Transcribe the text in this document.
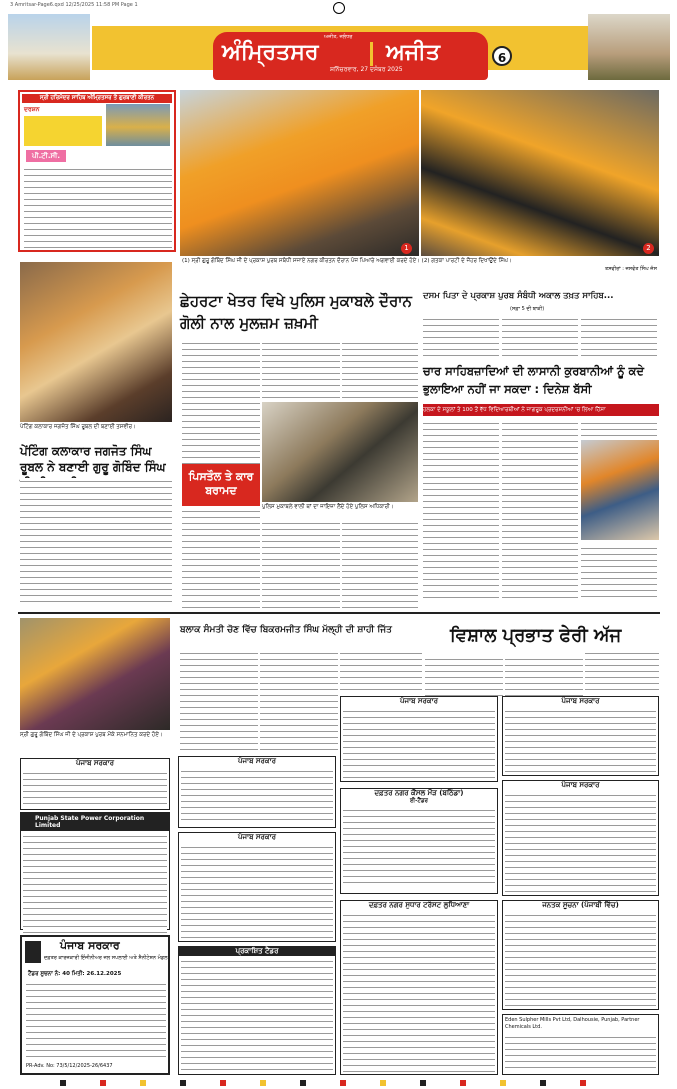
3 Amritsar-Page6.qxd 12/25/2025 11:58 PM Page 1
ਅਜੀਤ, ਜਲੰਧਰ
ਅੰਮ੍ਰਿਤਸਰ	ਅਜੀਤ
ਸ਼ਨਿੱਚਰਵਾਰ, 27 ਦਸੰਬਰ 2025
6
ਸ੍ਰੀ ਹਰਿਮੰਦਰ ਸਾਹਿਬ ਅੰਮ੍ਰਿਤਸਰ ਤੋਂ ਗੁਰਬਾਣੀ ਕੀਰਤਨ
ਦਰਸ਼ਨ
ਪੀ.ਟੀ.ਸੀ.
1	2
(1) ਸ੍ਰੀ ਗੁਰੂ ਗੋਬਿੰਦ ਸਿੰਘ ਜੀ ਦੇ ਪ੍ਰਕਾਸ਼ ਪੁਰਬ ਸਬੰਧੀ ਸਜਾਏ ਨਗਰ ਕੀਰਤਨ ਦੌਰਾਨ ਪੰਜ ਪਿਆਰੇ ਅਗਵਾਈ ਕਰਦੇ ਹੋਏ। (2) ਗਤਕਾ ਪਾਰਟੀ ਦੇ ਜੌਹਰ ਦਿਖਾਉਂਦੇ ਸਿੰਘ।
ਤਸਵੀਰਾਂ : ਜਸਵੰਤ ਸਿੰਘ ਜੱਸ
ਪੇਂਟਿੰਗ ਕਲਾਕਾਰ ਜਗਜੋਤ ਸਿੰਘ ਰੂਬਲ ਦੀ ਬਣਾਈ ਤਸਵੀਰ।
ਪੇਂਟਿੰਗ ਕਲਾਕਾਰ ਜਗਜੋਤ ਸਿੰਘ ਰੂਬਲ ਨੇ ਬਣਾਈ ਗੁਰੂ ਗੋਬਿੰਦ ਸਿੰਘ
ਛੇਹਰਟਾ ਖੇਤਰ ਵਿਖੇ ਪੁਲਿਸ ਮੁਕਾਬਲੇ ਦੌਰਾਨ ਗੋਲੀ ਨਾਲ ਮੁਲਜ਼ਮ ਜ਼ਖ਼ਮੀ
ਪਿਸਤੌਲ ਤੇ ਕਾਰ ਬਰਾਮਦ
ਪੁਲਿਸ ਮੁਕਾਬਲੇ ਵਾਲੀ ਥਾਂ ਦਾ ਜਾਇਜ਼ਾ ਲੈਂਦੇ ਹੋਏ ਪੁਲਿਸ ਅਧਿਕਾਰੀ।
ਦਸਮ ਪਿਤਾ ਦੇ ਪ੍ਰਕਾਸ਼ ਪੁਰਬ ਸੰਬੰਧੀ ਅਕਾਲ ਤਖ਼ਤ ਸਾਹਿਬ...
(ਸਫ਼ਾ 5 ਦੀ ਬਾਕੀ)
ਚਾਰ ਸਾਹਿਬਜ਼ਾਦਿਆਂ ਦੀ ਲਾਸਾਨੀ ਕੁਰਬਾਨੀਆਂ ਨੂੰ ਕਦੇ ਭੁਲਾਇਆ ਨਹੀਂ ਜਾ ਸਕਦਾ : ਦਿਨੇਸ਼ ਬੱਸੀ
ਹਲਕਾ ਦੇ ਸਕੂਲਾਂ ਤੇ 100 ਤੋਂ ਵੱਧ ਵਿਦਿਆਰਥੀਆਂ ਨੇ ਜਾਗਰੂਕ ਪ੍ਰਦਰਸ਼ਨੀਆਂ 'ਚ ਲਿਆ ਹਿੱਸਾ
ਸ੍ਰੀ ਗੁਰੂ ਗੋਬਿੰਦ ਸਿੰਘ ਜੀ ਦੇ ਪ੍ਰਕਾਸ਼ ਪੁਰਬ ਮੌਕੇ ਸਨਮਾਨਿਤ ਕਰਦੇ ਹੋਏ।
ਪੰਜਾਬ ਸਰਕਾਰ
Punjab State Power Corporation Limited
ਪੰਜਾਬ ਸਰਕਾਰ
ਦਫ਼ਤਰ ਕਾਰਜਕਾਰੀ ਇੰਜੀਨੀਅਰ ਜਲ ਸਪਲਾਈ ਅਤੇ ਸੈਨੀਟੇਸ਼ਨ ਮੰਡਲ
ਟੈਂਡਰ ਸੂਚਨਾ ਨੰ: 40 ਮਿਤੀ: 26.12.2025
PR-Adv. No: 73/5/12/2025-26/6437
ਬਲਾਕ ਸੰਮਤੀ ਚੋਣ ਵਿੱਚ ਬਿਕਰਮਜੀਤ ਸਿੰਘ ਮੱਲ੍ਹੀ ਦੀ ਸ਼ਾਹੀ ਜਿੱਤ	ਵਿਸ਼ਾਲ ਪ੍ਰਭਾਤ ਫੇਰੀ ਅੱਜ
ਪੰਜਾਬ ਸਰਕਾਰ
ਪੰਜਾਬ ਸਰਕਾਰ
ਪੰਜਾਬ ਸਰਕਾਰ
ਦਫ਼ਤਰ ਨਗਰ ਕੌਂਸਲ ਮੌੜ (ਬਠਿੰਡਾ)
ਈ-ਟੈਂਡਰ
ਦਫ਼ਤਰ ਨਗਰ ਸੁਧਾਰ ਟਰੱਸਟ ਲੁਧਿਆਣਾ
ਪ੍ਰਕਾਸ਼ਿਤ ਟੈਂਡਰ
ਪੰਜਾਬ ਸਰਕਾਰ
ਪੰਜਾਬ ਸਰਕਾਰ
ਜਨਤਕ ਸੂਚਨਾ (ਪੰਜਾਬੀ ਵਿੱਚ)
Eden Sulpher Mills Pvt Ltd, Dalhousie, Punjab, Partner Chemicals Ltd.
